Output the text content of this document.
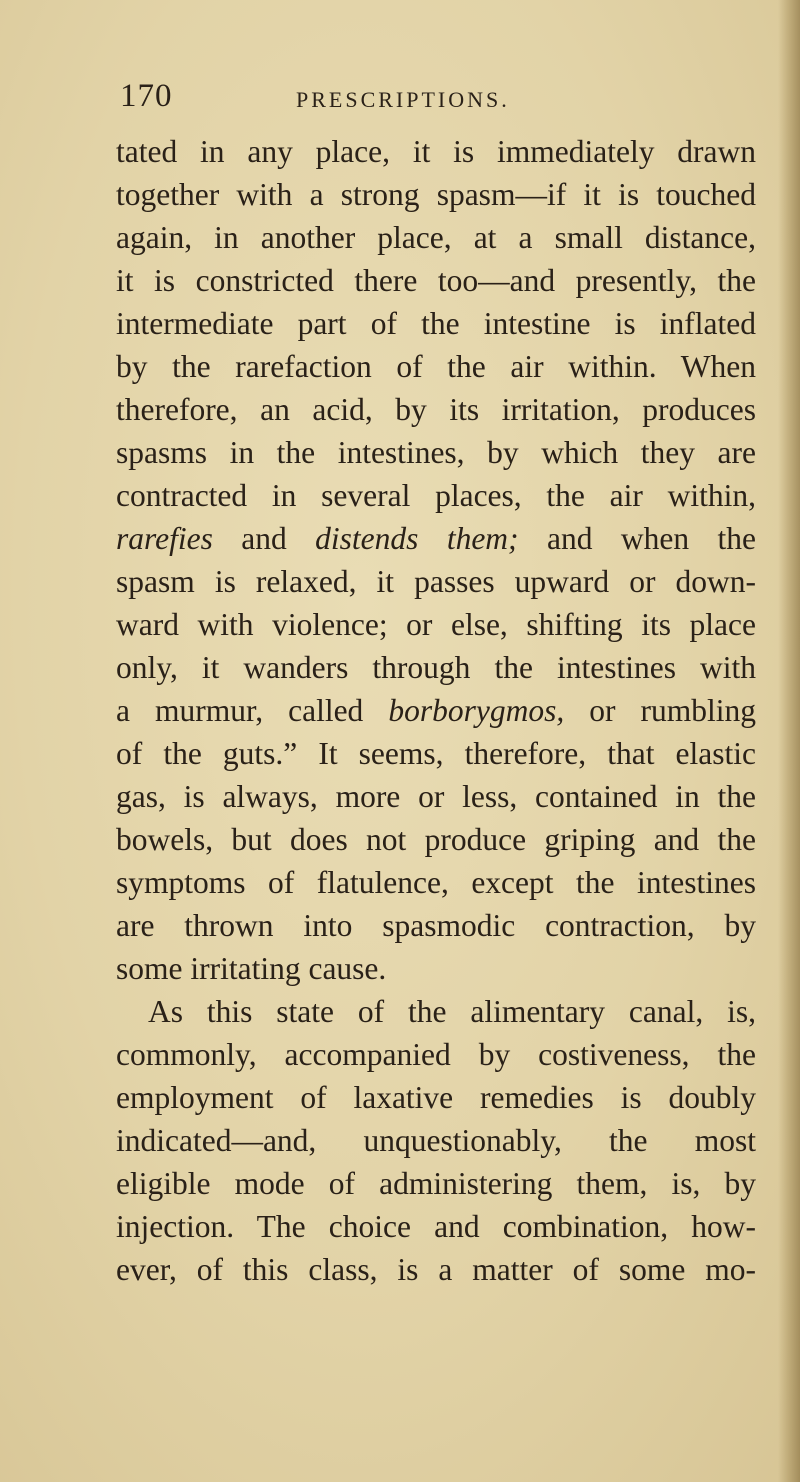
170	PRESCRIPTIONS.
tated in any place, it is immediately drawn
together with a strong spasm—if it is touched
again, in another place, at a small distance,
it is constricted there too—and presently, the
intermediate part of the intestine is inflated
by the rarefaction of the air within. When
therefore, an acid, by its irritation, produces
spasms in the intestines, by which they are
contracted in several places, the air within,
rarefies and distends them; and when the
spasm is relaxed, it passes upward or down-
ward with violence; or else, shifting its place
only, it wanders through the intestines with
a murmur, called borborygmos, or rumbling
of the guts.” It seems, therefore, that elastic
gas, is always, more or less, contained in the
bowels, but does not produce griping and the
symptoms of flatulence, except the intestines
are thrown into spasmodic contraction, by
some irritating cause.
As this state of the alimentary canal, is,
commonly, accompanied by costiveness, the
employment of laxative remedies is doubly
indicated—and, unquestionably, the most
eligible mode of administering them, is, by
injection. The choice and combination, how-
ever, of this class, is a matter of some mo-
